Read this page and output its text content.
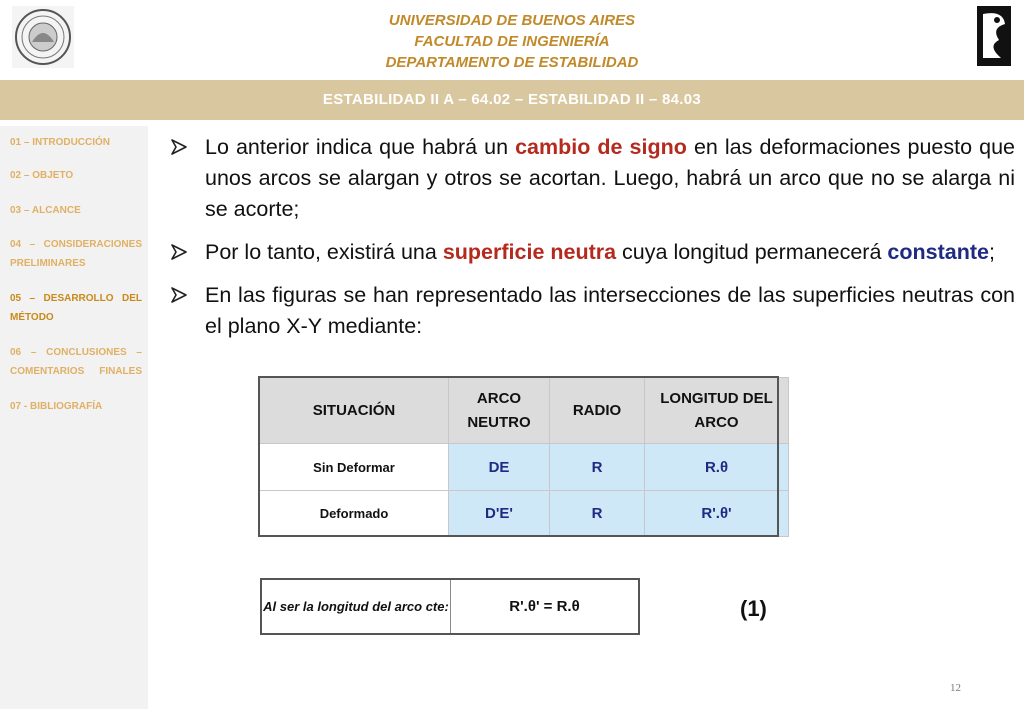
UNIVERSIDAD DE BUENOS AIRES
FACULTAD DE INGENIERÍA
DEPARTAMENTO DE ESTABILIDAD
ESTABILIDAD II A – 64.02 – ESTABILIDAD II – 84.03
01 – INTRODUCCIÓN
02 – OBJETO
03 – ALCANCE
04 – CONSIDERACIONES PRELIMINARES
05 – DESARROLLO DEL MÉTODO
06 – CONCLUSIONES – COMENTARIOS FINALES
07 - BIBLIOGRAFÍA
Lo anterior indica que habrá un cambio de signo en las deformaciones puesto que unos arcos se alargan y otros se acortan. Luego, habrá un arco que no se alarga ni se acorte;
Por lo tanto, existirá una superficie neutra cuya longitud permanecerá constante;
En las figuras se han representado las intersecciones de las superficies neutras con el plano X-Y mediante:
SITUACIÓN	ARCO NEUTRO	RADIO	LONGITUD DEL ARCO
Sin Deformar	DE	R	R.θ
Deformado	D'E'	R	R'.θ'
Al ser la longitud del arco cte:	R'.θ' = R.θ	(1)
12
